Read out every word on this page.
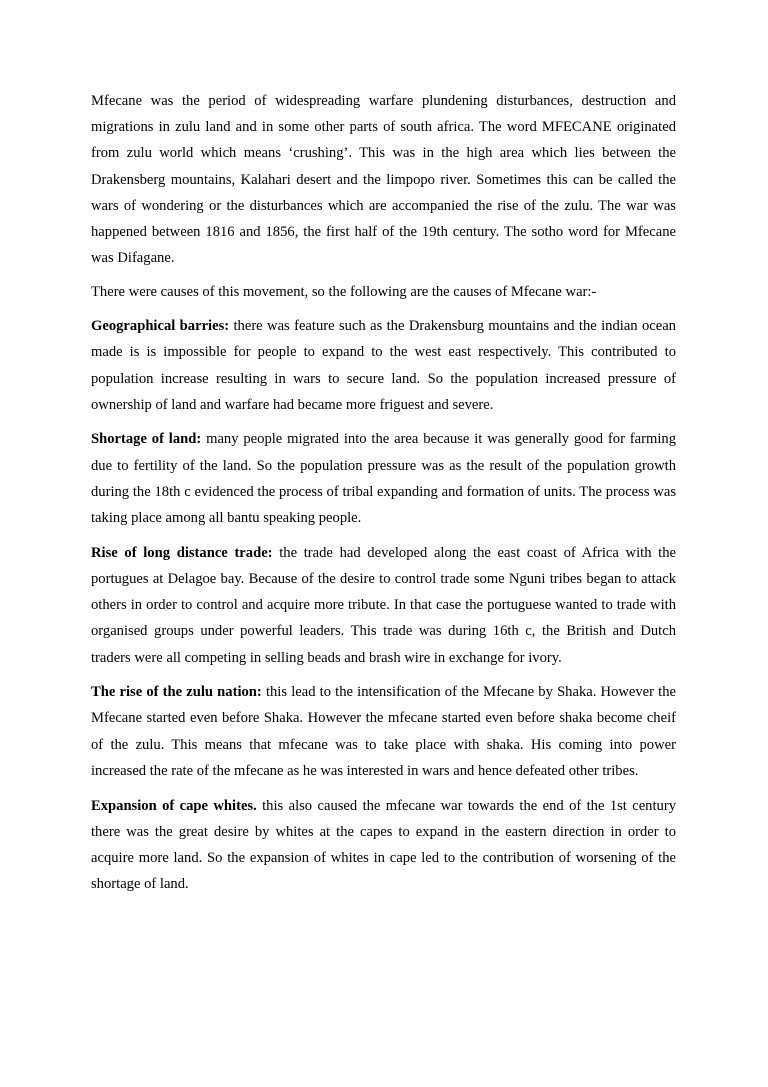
Mfecane was the period of widespreading warfare plundening disturbances, destruction and migrations in zulu land and in some other parts of south africa. The word MFECANE originated from zulu world which means ‘crushing’. This was in the high area which lies between the Drakensberg mountains, Kalahari desert and the limpopo river. Sometimes this can be called the wars of wondering or the disturbances which are accompanied the rise of the zulu. The war was happened between 1816 and 1856, the first half of the 19th century. The sotho word for Mfecane was Difagane.

There were causes of this movement, so the following are the causes of Mfecane war:-

Geographical barries: there was feature such as the Drakensburg mountains and the indian ocean made is is impossible for people to expand to the west east respectively. This contributed to population increase resulting in wars to secure land. So the population increased pressure of ownership of land and warfare had became more friguest and severe.

Shortage of land: many people migrated into the area because it was generally good for farming due to fertility of the land. So the population pressure was as the result of the population growth during the 18th c evidenced the process of tribal expanding and formation of units. The process was taking place among all bantu speaking people.

Rise of long distance trade: the trade had developed along the east coast of Africa with the portugues at Delagoe bay. Because of the desire to control trade some Nguni tribes began to attack others in order to control and acquire more tribute. In that case the portuguese wanted to trade with organised groups under powerful leaders. This trade was during 16th c, the British and Dutch traders were all competing in selling beads and brash wire in exchange for ivory.

The rise of the zulu nation: this lead to the intensification of the Mfecane by Shaka. However the Mfecane started even before Shaka. However the mfecane started even before shaka become cheif of the zulu. This means that mfecane was to take place with shaka. His coming into power increased the rate of the mfecane as he was interested in wars and hence defeated other tribes.

Expansion of cape whites. this also caused the mfecane war towards the end of the 1st century there was the great desire by whites at the capes to expand in the eastern direction in order to acquire more land. So the expansion of whites in cape led to the contribution of worsening of the shortage of land.
